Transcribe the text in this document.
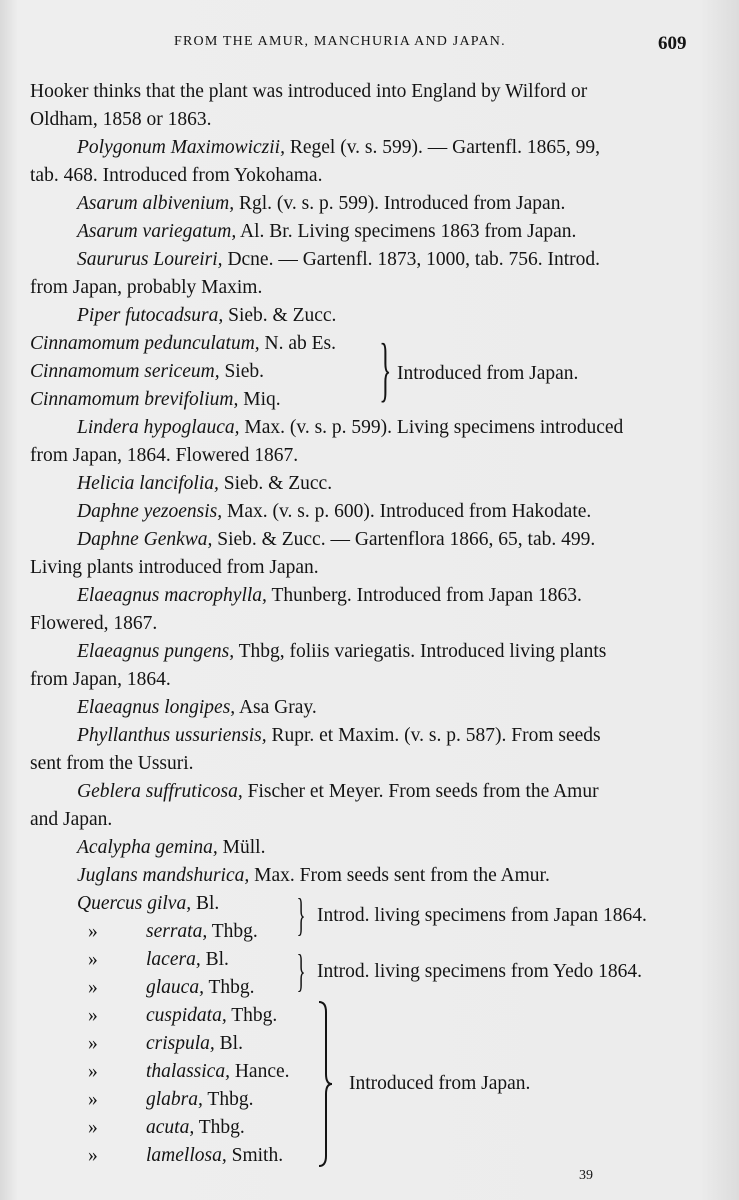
FROM THE AMUR, MANCHURIA AND JAPAN.	609
Hooker thinks that the plant was introduced into England by Wilford or
Oldham, 1858 or 1863.
Polygonum Maximowiczii, Regel (v. s. 599). — Gartenfl. 1865, 99,
tab. 468. Introduced from Yokohama.
Asarum albivenium, Rgl. (v. s. p. 599). Introduced from Japan.
Asarum variegatum, Al. Br. Living specimens 1863 from Japan.
Saururus Loureiri, Dcne. — Gartenfl. 1873, 1000, tab. 756. Introd.
from Japan, probably Maxim.
Piper futocadsura, Sieb. & Zucc.
Cinnamomum pedunculatum, N. ab Es.
Cinnamomum sericeum, Sieb.
Cinnamomum brevifolium, Miq.
Lindera hypoglauca, Max. (v. s. p. 599). Living specimens introduced
from Japan, 1864. Flowered 1867.
Helicia lancifolia, Sieb. & Zucc.
Daphne yezoensis, Max. (v. s. p. 600). Introduced from Hakodate.
Daphne Genkwa, Sieb. & Zucc. — Gartenflora 1866, 65, tab. 499.
Living plants introduced from Japan.
Elaeagnus macrophylla, Thunberg. Introduced from Japan 1863.
Flowered, 1867.
Elaeagnus pungens, Thbg, foliis variegatis. Introduced living plants
from Japan, 1864.
Elaeagnus longipes, Asa Gray.
Phyllanthus ussuriensis, Rupr. et Maxim. (v. s. p. 587). From seeds
sent from the Ussuri.
Geblera suffruticosa, Fischer et Meyer. From seeds from the Amur
and Japan.
Acalypha gemina, Müll.
Juglans mandshurica, Max. From seeds sent from the Amur.
} Introduced from Japan.
Quercus gilva, Bl.
» serrata, Thbg.
» lacera, Bl.
» glauca, Thbg.
» cuspidata, Thbg.
» crispula, Bl.
» thalassica, Hance.
» glabra, Thbg.
» acuta, Thbg.
» lamellosa, Smith.
} Introd. living specimens from Japan 1864.
} Introd. living specimens from Yedo 1864.
Introduced from Japan.
39
